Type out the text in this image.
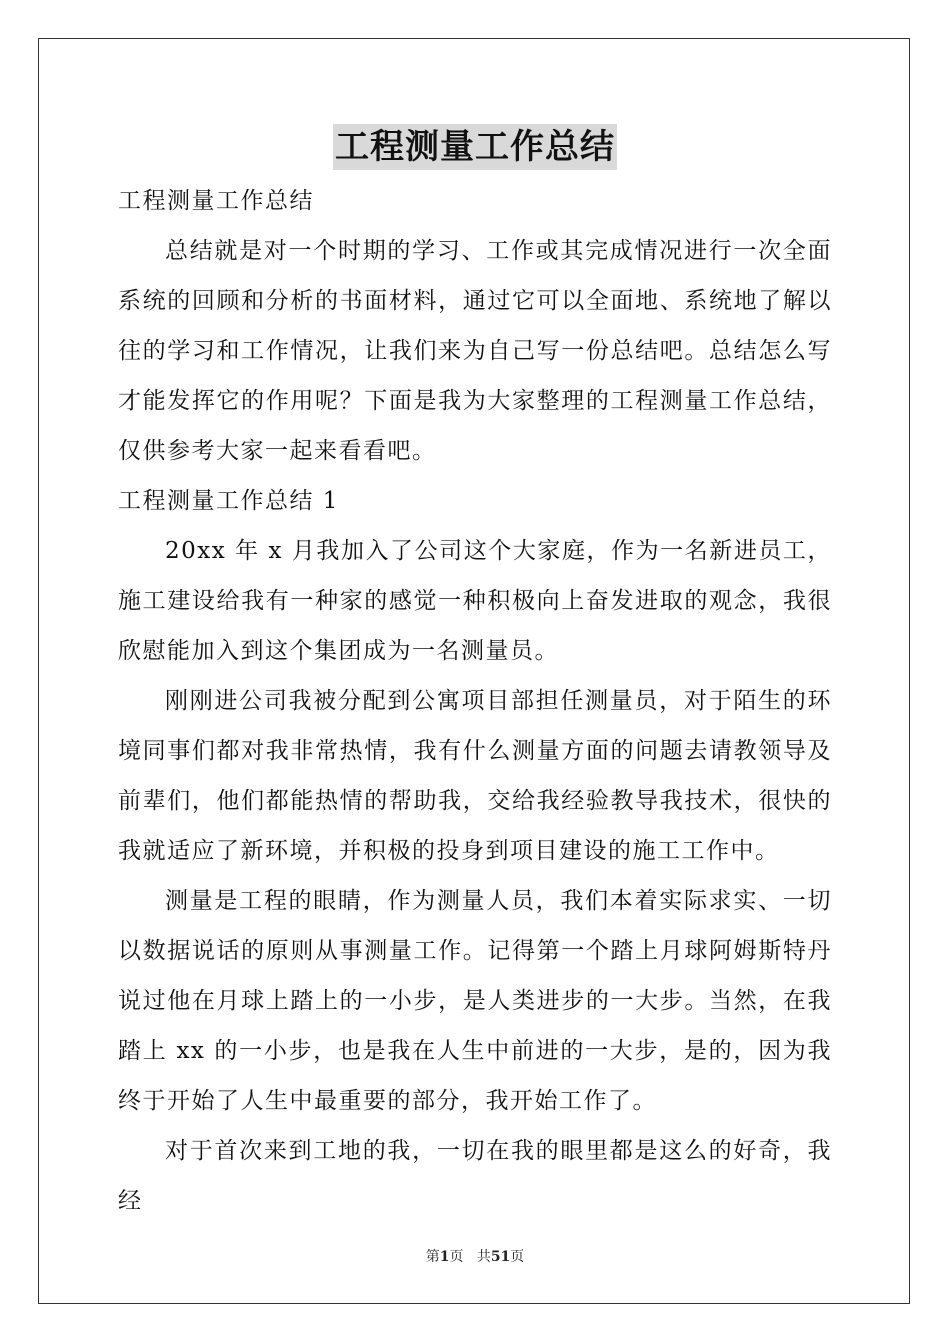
工程测量工作总结

工程测量工作总结

总结就是对一个时期的学习、工作或其完成情况进行一次全面系统的回顾和分析的书面材料，通过它可以全面地、系统地了解以往的学习和工作情况，让我们来为自己写一份总结吧。总结怎么写才能发挥它的作用呢？下面是我为大家整理的工程测量工作总结，仅供参考大家一起来看看吧。

工程测量工作总结 1

20xx 年 x 月我加入了公司这个大家庭，作为一名新进员工，施工建设给我有一种家的感觉一种积极向上奋发进取的观念，我很欣慰能加入到这个集团成为一名测量员。

刚刚进公司我被分配到公寓项目部担任测量员，对于陌生的环境同事们都对我非常热情，我有什么测量方面的问题去请教领导及前辈们，他们都能热情的帮助我，交给我经验教导我技术，很快的我就适应了新环境，并积极的投身到项目建设的施工工作中。

测量是工程的眼睛，作为测量人员，我们本着实际求实、一切以数据说话的原则从事测量工作。记得第一个踏上月球阿姆斯特丹说过他在月球上踏上的一小步，是人类进步的一大步。当然，在我踏上 xx 的一小步，也是我在人生中前进的一大步，是的，因为我终于开始了人生中最重要的部分，我开始工作了。

对于首次来到工地的我，一切在我的眼里都是这么的好奇，我经

第1页 共51页
